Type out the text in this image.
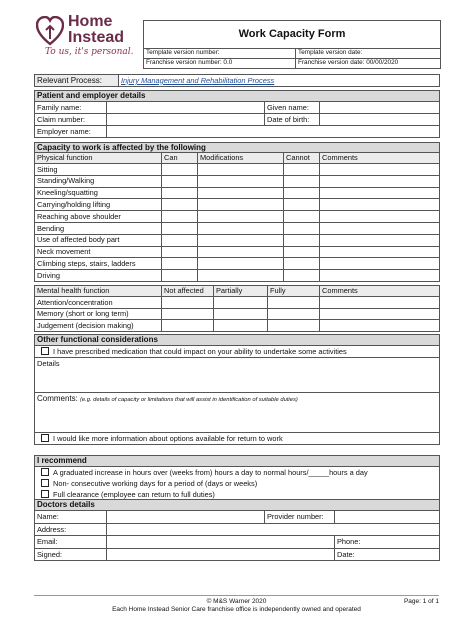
Home
Instead
To us, it's personal.
Work Capacity Form	
Template version number:	Template version date:
Franchise version number: 0.0	Franchise version date: 00/00/2020
Relevant Process:	Injury Management and Rehabilitation Process
Patient and employer details			
Family name:		Given name:	
Claim number:		Date of birth:	
Employer name:			
Capacity to work is affected by the following				
Physical function	Can	Modifications	Cannot	Comments
Sitting				
Standing/Walking				
Kneeling/squatting				
Carrying/holding lifting				
Reaching above shoulder				
Bending				
Use of affected body part				
Neck movement				
Climbing steps, stairs, ladders				
Driving				
Mental health function	Not affected	Partially	Fully	Comments
Attention/concentration				
Memory (short or long term)				
Judgement (decision making)				
Other functional considerations
I have prescribed medication that could impact on your ability to undertake some activities
Details
Comments: (e.g. details of capacity or limitations that will assist in identification of suitable duties)
I would like more information about options available for return to work
I recommend

A graduated increase in hours over (weeks from) hours a day to normal hours/_____hours a day
Non- consecutive working days for a period of (days or weeks)
Full clearance (employee can return to full duties)
Doctors details			
Name:		Provider number:	
Address:			
Email:			Phone:
Signed:			Date:
© M&S Warner 2020	Page: 1 of 1
Each Home Instead Senior Care franchise office is independently owned and operated
